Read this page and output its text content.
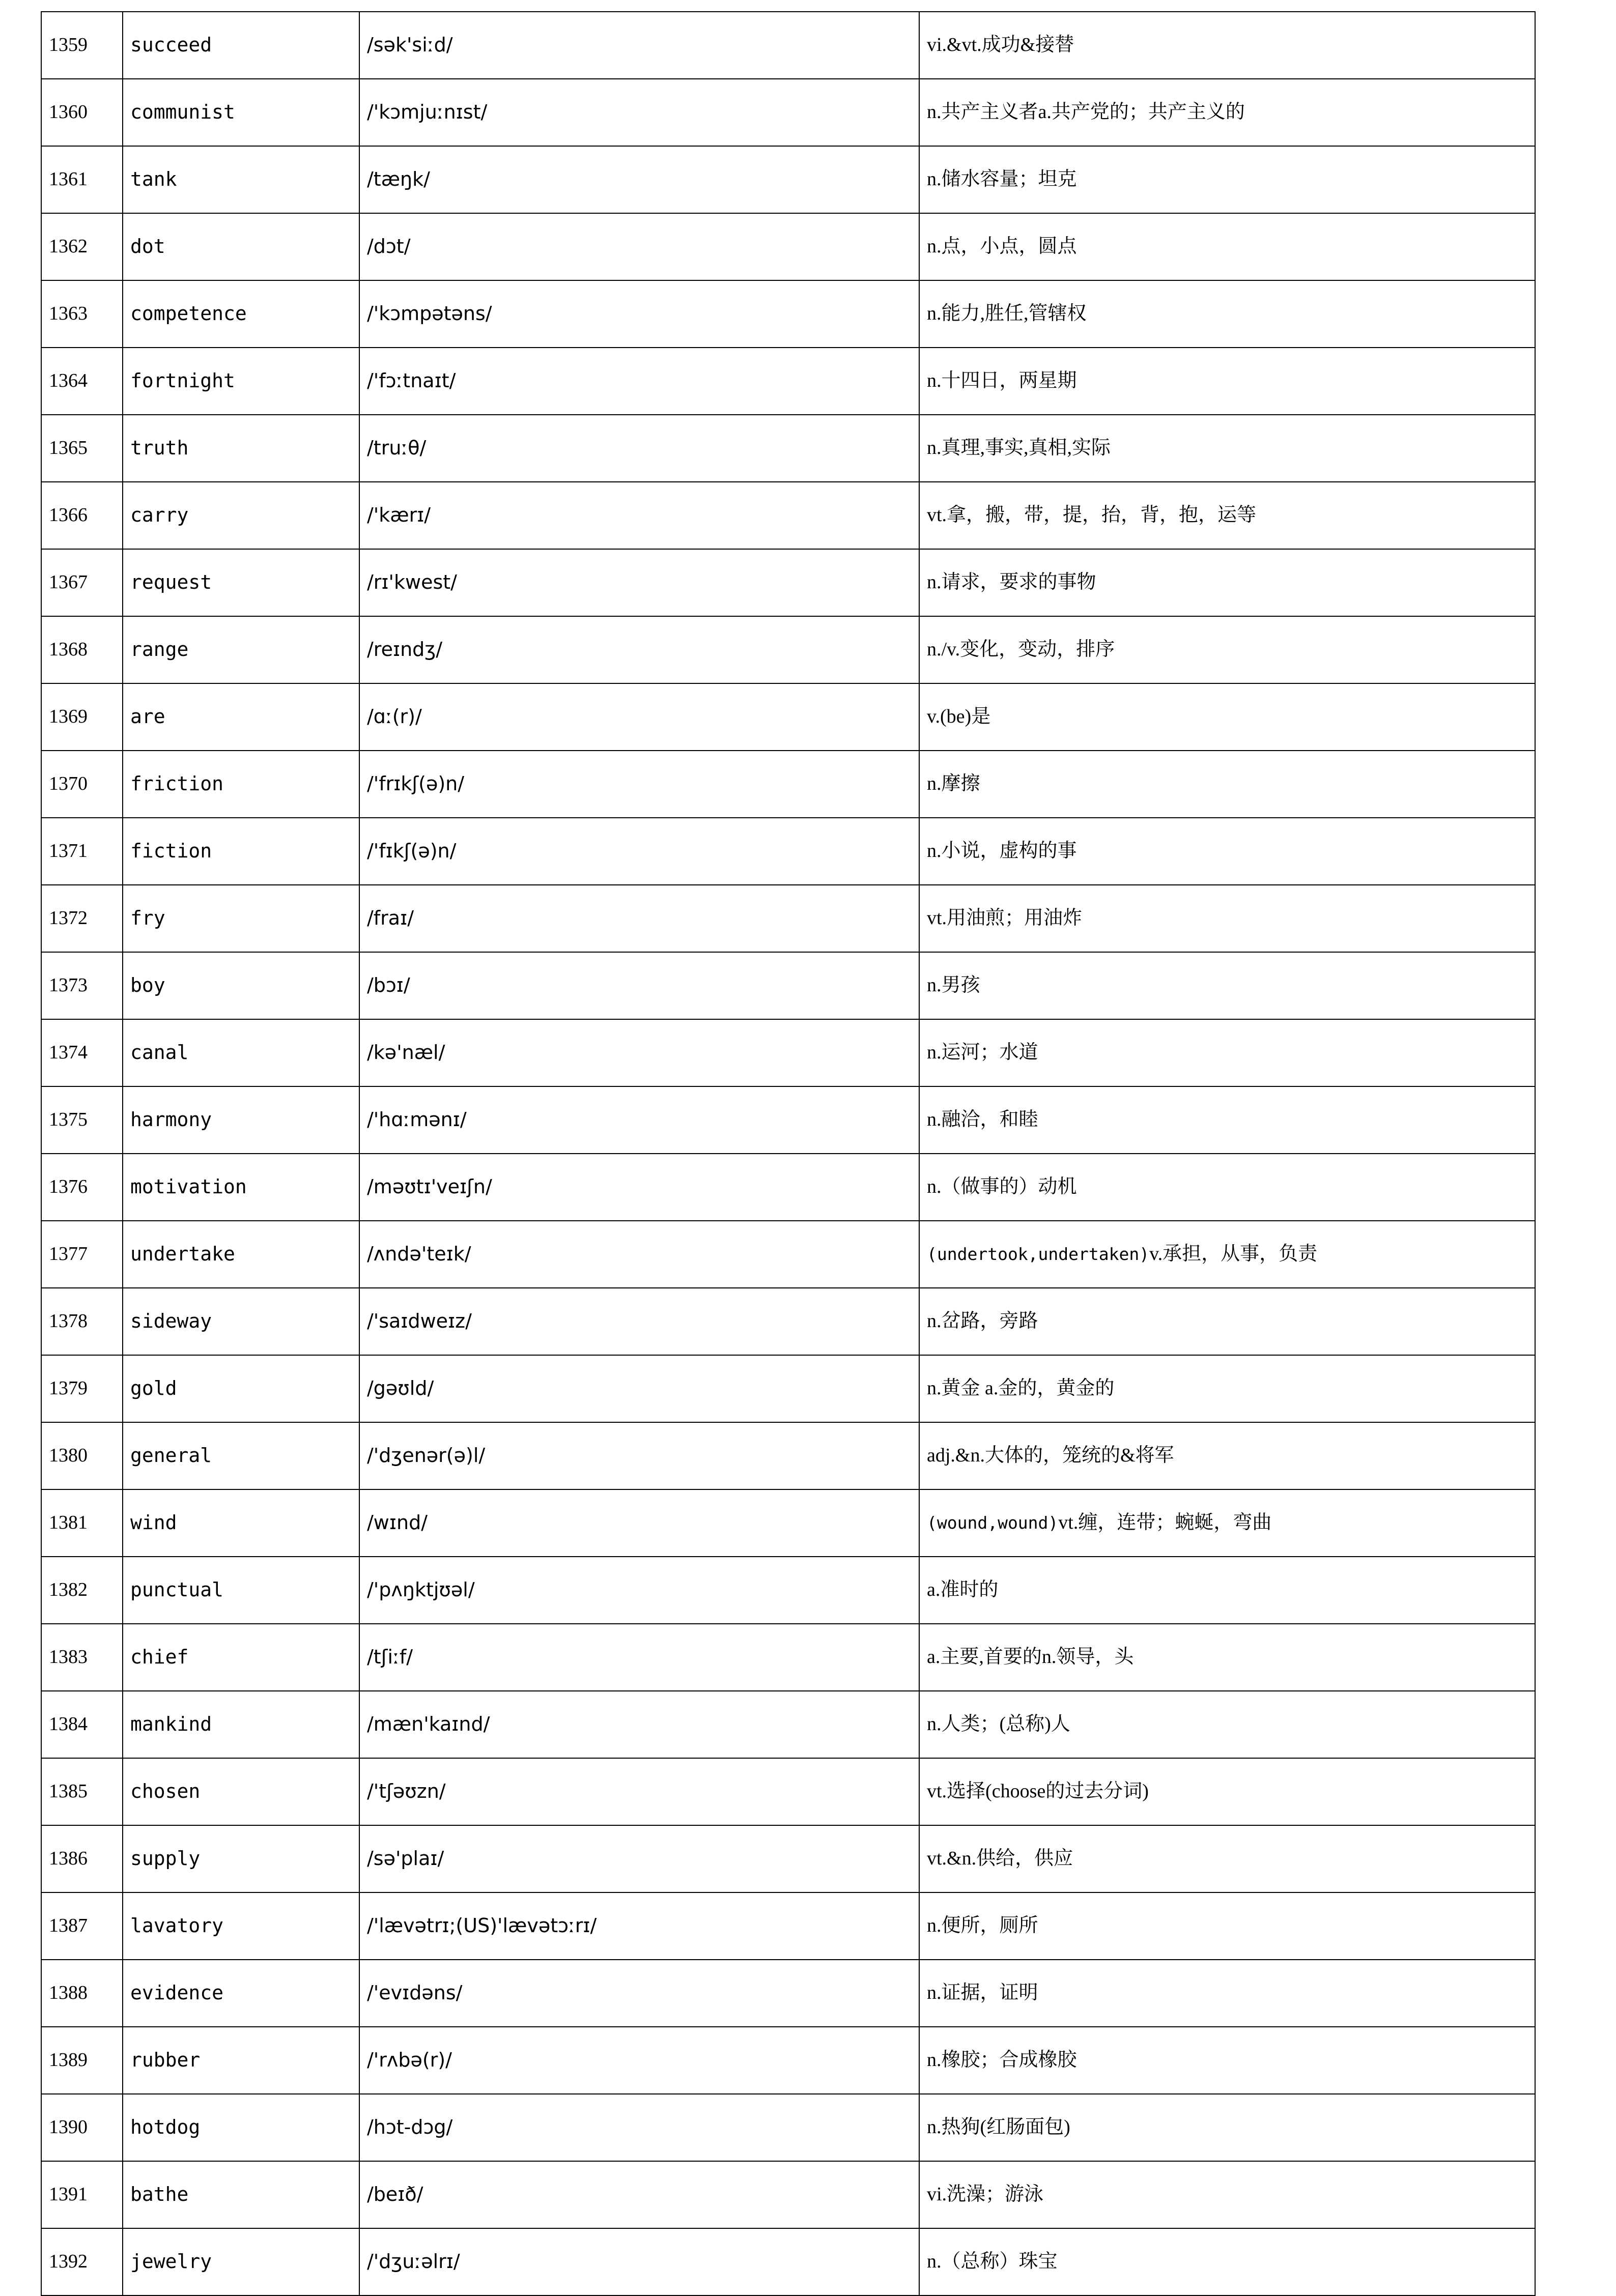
1359	succeed	/sək'siːd/	vi.&vt.成功&接替
1360	communist	/'kɔmjuːnɪst/	n.共产主义者a.共产党的；共产主义的
1361	tank	/tæŋk/	n.储水容量；坦克
1362	dot	/dɔt/	n.点，小点，圆点
1363	competence	/'kɔmpətəns/	n.能力,胜任,管辖权
1364	fortnight	/'fɔːtnaɪt/	n.十四日，两星期
1365	truth	/truːθ/	n.真理,事实,真相,实际
1366	carry	/'kærɪ/	vt.拿，搬，带，提，抬，背，抱，运等
1367	request	/rɪ'kwest/	n.请求，要求的事物
1368	range	/reɪndʒ/	n./v.变化，变动，排序
1369	are	/ɑː(r)/	v.(be)是
1370	friction	/'frɪkʃ(ə)n/	n.摩擦
1371	fiction	/'fɪkʃ(ə)n/	n.小说，虚构的事
1372	fry	/fraɪ/	vt.用油煎；用油炸
1373	boy	/bɔɪ/	n.男孩
1374	canal	/kə'næl/	n.运河；水道
1375	harmony	/'hɑːmənɪ/	n.融洽，和睦
1376	motivation	/məʊtɪ'veɪʃn/	n.（做事的）动机
1377	undertake	/ʌndə'teɪk/	(undertook,undertaken)v.承担，从事，负责
1378	sideway	/'saɪdweɪz/	n.岔路，旁路
1379	gold	/gəʊld/	n.黄金 a.金的，黄金的
1380	general	/'dʒenər(ə)l/	adj.&n.大体的，笼统的&将军
1381	wind	/wɪnd/	(wound,wound)vt.缠，连带；蜿蜒，弯曲
1382	punctual	/'pʌŋktjʊəl/	a.准时的
1383	chief	/tʃiːf/	a.主要,首要的n.领导，头
1384	mankind	/mæn'kaɪnd/	n.人类；(总称)人
1385	chosen	/'tʃəʊzn/	vt.选择(choose的过去分词)
1386	supply	/sə'plaɪ/	vt.&n.供给，供应
1387	lavatory	/'lævətrɪ;(US)'lævətɔːrɪ/	n.便所，厕所
1388	evidence	/'evɪdəns/	n.证据，证明
1389	rubber	/'rʌbə(r)/	n.橡胶；合成橡胶
1390	hotdog	/hɔt-dɔg/	n.热狗(红肠面包)
1391	bathe	/beɪð/	vi.洗澡；游泳
1392	jewelry	/'dʒuːəlrɪ/	n.（总称）珠宝
